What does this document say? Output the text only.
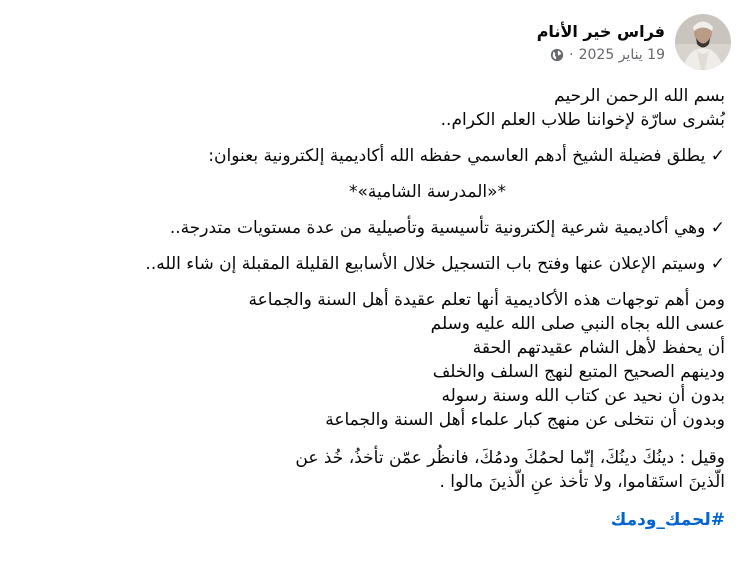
فراس خير الأنام
19 يناير 2025
·

بسم الله الرحمن الرحيم

بُشرى سارّة لإخواننا طلاب العلم الكرام..

✓ يطلق فضيلة الشيخ أدهم العاسمي حفظه الله أكاديمية إلكترونية بعنوان:

*«المدرسة الشامية»*

✓ وهي أكاديمية شرعية إلكترونية تأسيسية وتأصيلية من عدة مستويات متدرجة..

✓ وسيتم الإعلان عنها وفتح باب التسجيل خلال الأسابيع القليلة المقبلة إن شاء الله..

ومن أهم توجهات هذه الأكاديمية أنها تعلم عقيدة أهل السنة والجماعة

عسى الله بجاه النبي صلى الله عليه وسلم

أن يحفظ لأهل الشام عقيدتهم الحقة

ودينهم الصحيح المتبع لنهج السلف والخلف

بدون أن نحيد عن كتاب الله وسنة رسوله

وبدون أن نتخلى عن منهج كبار علماء أهل السنة والجماعة

وقيل : دينُكَ دينُكَ، إنّما لحمُكَ ودمُكَ، فانظُر عمّن تأخذُ، خُذ عن

الّذينَ استَقاموا، ولا تأخذ عنِ الّذينَ مالوا .

#لحمك_ودمك
